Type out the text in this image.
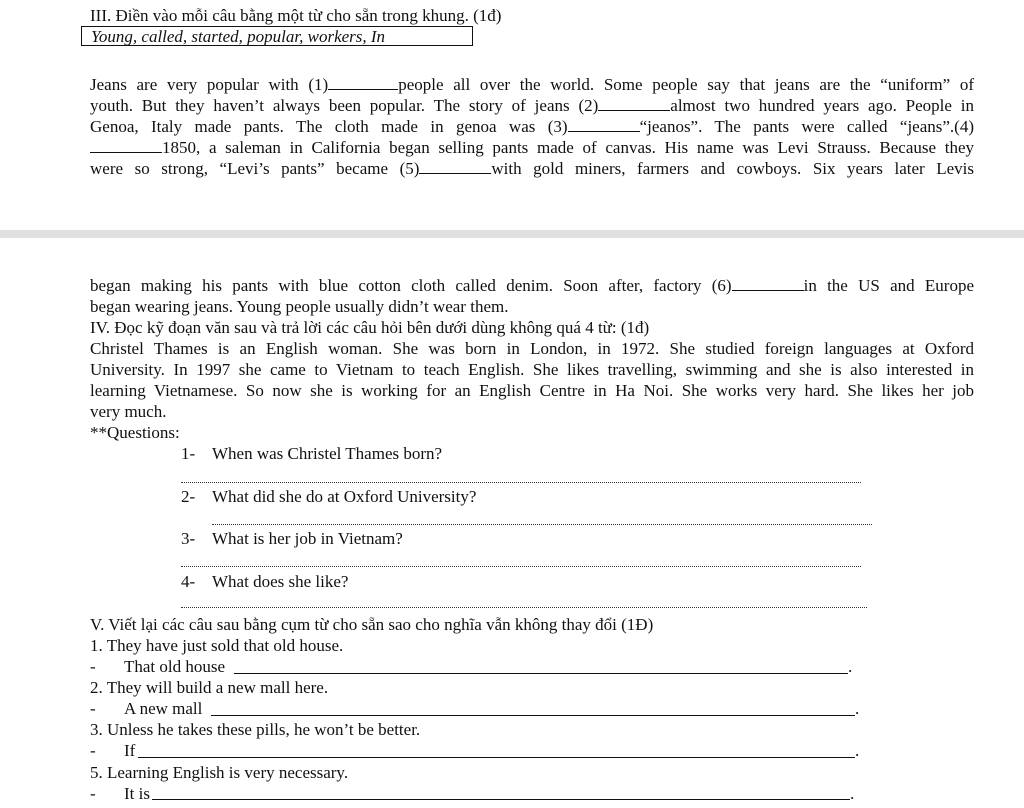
III. Điền vào mỗi câu bằng một từ cho sẵn trong khung. (1đ)
Young, called, started, popular, workers, In
Jeans are very popular with (1)	people all over the world. Some people say that jeans are the “uniform” of
youth. But they haven’t always been popular. The story of jeans (2)	almost two hundred years ago. People in
Genoa, Italy made pants. The cloth made in genoa was (3)	“jeanos”. The pants were called “jeans”.(4)
1850, a saleman in California began selling pants made of canvas. His name was Levi Strauss. Because they
were so strong, “Levi’s pants” became (5)	with gold miners, farmers and cowboys. Six years later Levis
began making his pants with blue cotton cloth called denim. Soon after, factory (6)	in the US and Europe
began wearing jeans. Young people usually didn’t wear them.
IV. Đọc kỹ đoạn văn sau và trả lời các câu hỏi bên dưới dùng không quá 4 từ: (1đ)
Christel Thames is an English woman. She was born in London, in 1972. She studied foreign languages at Oxford
University. In 1997 she came to Vietnam to teach English. She likes travelling, swimming and she is also interested in
learning Vietnamese. So now she is working for an English Centre in Ha Noi. She works very hard. She likes her job
very much.
**Questions:
1- When was Christel Thames born?
2- What did she do at Oxford University?
3- What is her job in Vietnam?
4- What does she like?
V. Viết lại các câu sau bằng cụm từ cho sẵn sao cho nghĩa vẫn không thay đổi (1Đ)
1. They have just sold that old house.
- That old house	.
2. They will build a new mall here.
- A new mall	.
3. Unless he takes these pills, he won’t be better.
- If	.
5. Learning English is very necessary.
- It is	.
